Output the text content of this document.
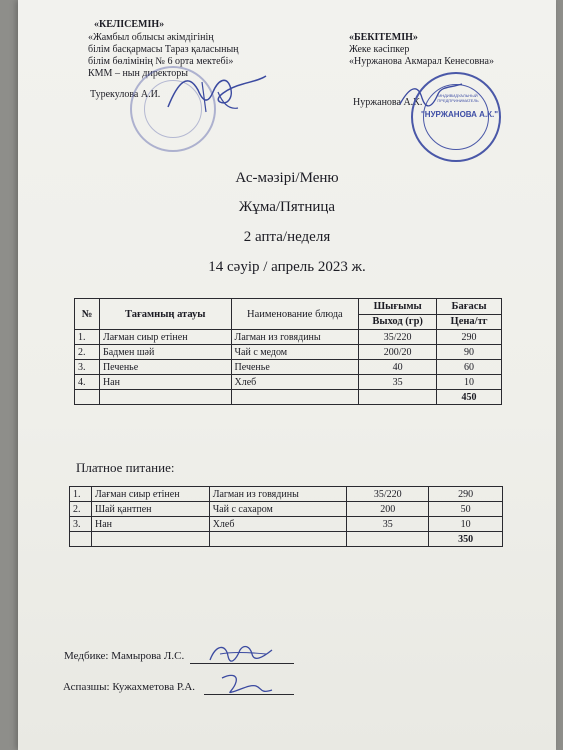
«КЕЛІСЕМІН»
«Жамбыл облысы әкімдігінің
білім басқармасы Тараз қаласының
білім бөлімінің № 6 орта мектебі»
КММ – нын директоры
Турекулова А.И.
«БЕКІТЕМІН»
Жеке кәсіпкер
«Нуржанова Акмарал Кенесовна»
Нуржанова А.К.
"НУРЖАНОВА А.К."
ИНДИВИДУАЛЬНЫЙ ПРЕДПРИНИМАТЕЛЬ
Ас-мәзірі/Меню
Жұма/Пятница
2 апта/неделя
14 сәуір / апрель 2023 ж.
№	Тағамның атауы	Наименование блюда	Шығымы	Бағасы
			Выход (гр)	Цена/тг
1.	Лағман сиыр етінен	Лагман из говядины	35/220	290
2.	Бадмен шәй	Чай с медом	200/20	90
3.	Печенье	Печенье	40	60
4.	Нан	Хлеб	35	10
				450
Платное питание:
1.	Лағман сиыр етінен	Лагман из говядины	35/220	290
2.	Шай қантпен	Чай с сахаром	200	50
3.	Нан	Хлеб	35	10
				350
Медбике: Мамырова Л.С.
Аспазшы: Кужахметова Р.А.
